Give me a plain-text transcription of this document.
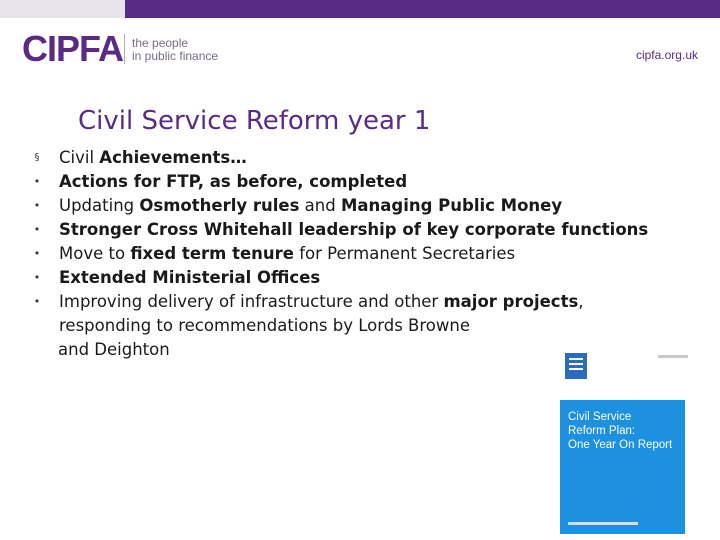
CIPFA the people
in public finance	cipfa.org.uk
Civil Service Reform year 1
§ Civil Achievements…
• Actions for FTP, as before, completed
• Updating Osmotherly rules and Managing Public Money
• Stronger Cross Whitehall leadership of key corporate functions
• Move to fixed term tenure for Permanent Secretaries
• Extended Ministerial Offices
• Improving delivery of infrastructure and other major projects, responding to recommendations by Lords Browne
and Deighton
Civil Service
Reform Plan:
One Year On Report
